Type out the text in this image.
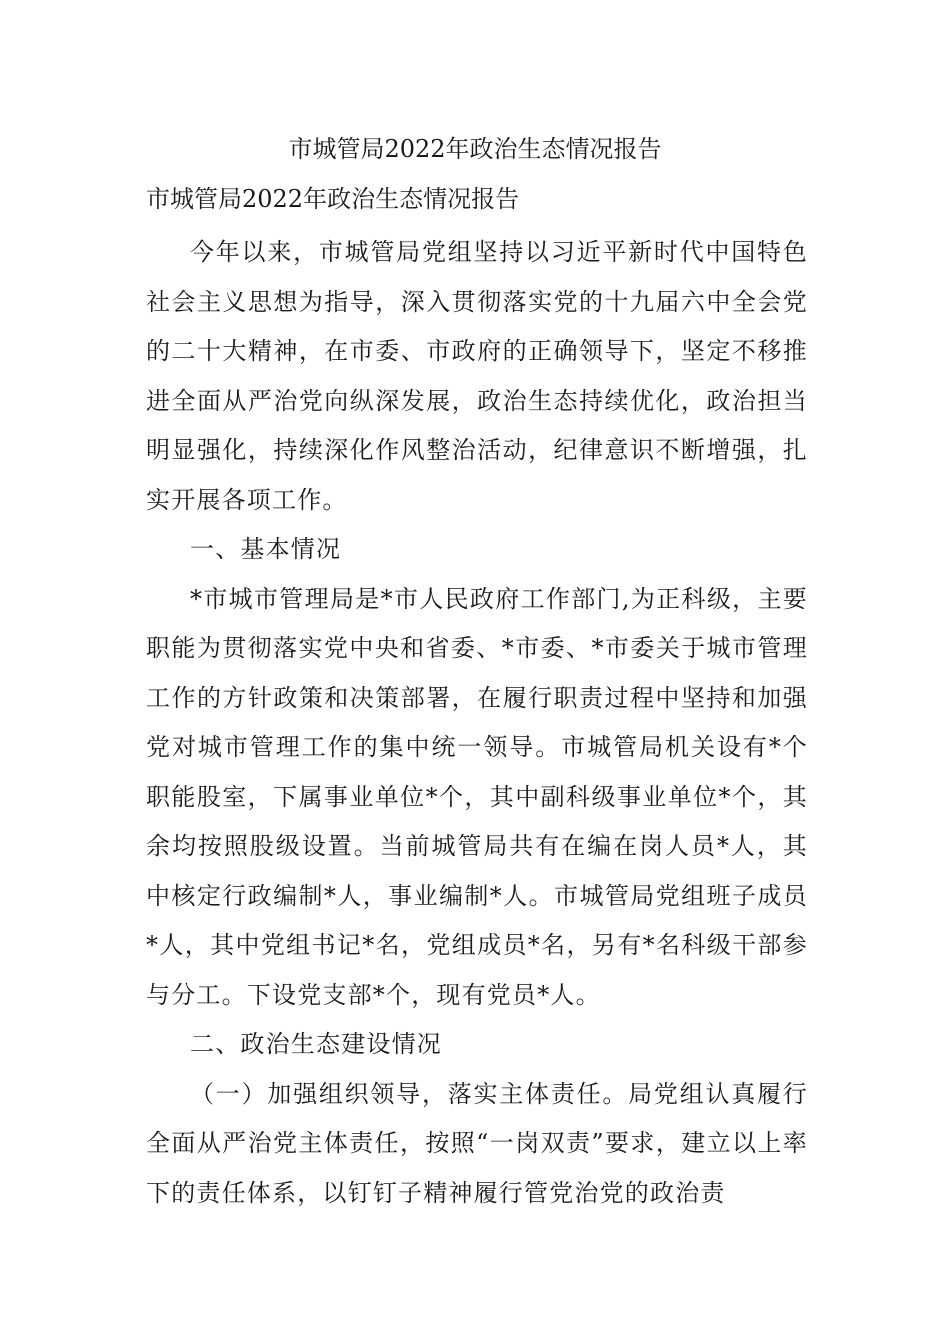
市城管局2022年政治生态情况报告
市城管局2022年政治生态情况报告

今年以来，市城管局党组坚持以习近平新时代中国特色社会主义思想为指导，深入贯彻落实党的十九届六中全会党的二十大精神，在市委、市政府的正确领导下，坚定不移推进全面从严治党向纵深发展，政治生态持续优化，政治担当明显强化，持续深化作风整治活动，纪律意识不断增强，扎实开展各项工作。

一、基本情况

*市城市管理局是*市人民政府工作部门,为正科级，主要职能为贯彻落实党中央和省委、*市委、*市委关于城市管理工作的方针政策和决策部署，在履行职责过程中坚持和加强党对城市管理工作的集中统一领导。市城管局机关设有*个职能股室，下属事业单位*个，其中副科级事业单位*个，其余均按照股级设置。当前城管局共有在编在岗人员*人，其中核定行政编制*人，事业编制*人。市城管局党组班子成员*人，其中党组书记*名，党组成员*名，另有*名科级干部参与分工。下设党支部*个，现有党员*人。

二、政治生态建设情况

（一）加强组织领导，落实主体责任。局党组认真履行全面从严治党主体责任，按照“一岗双责”要求，建立以上率下的责任体系，以钉钉子精神履行管党治党的政治责
